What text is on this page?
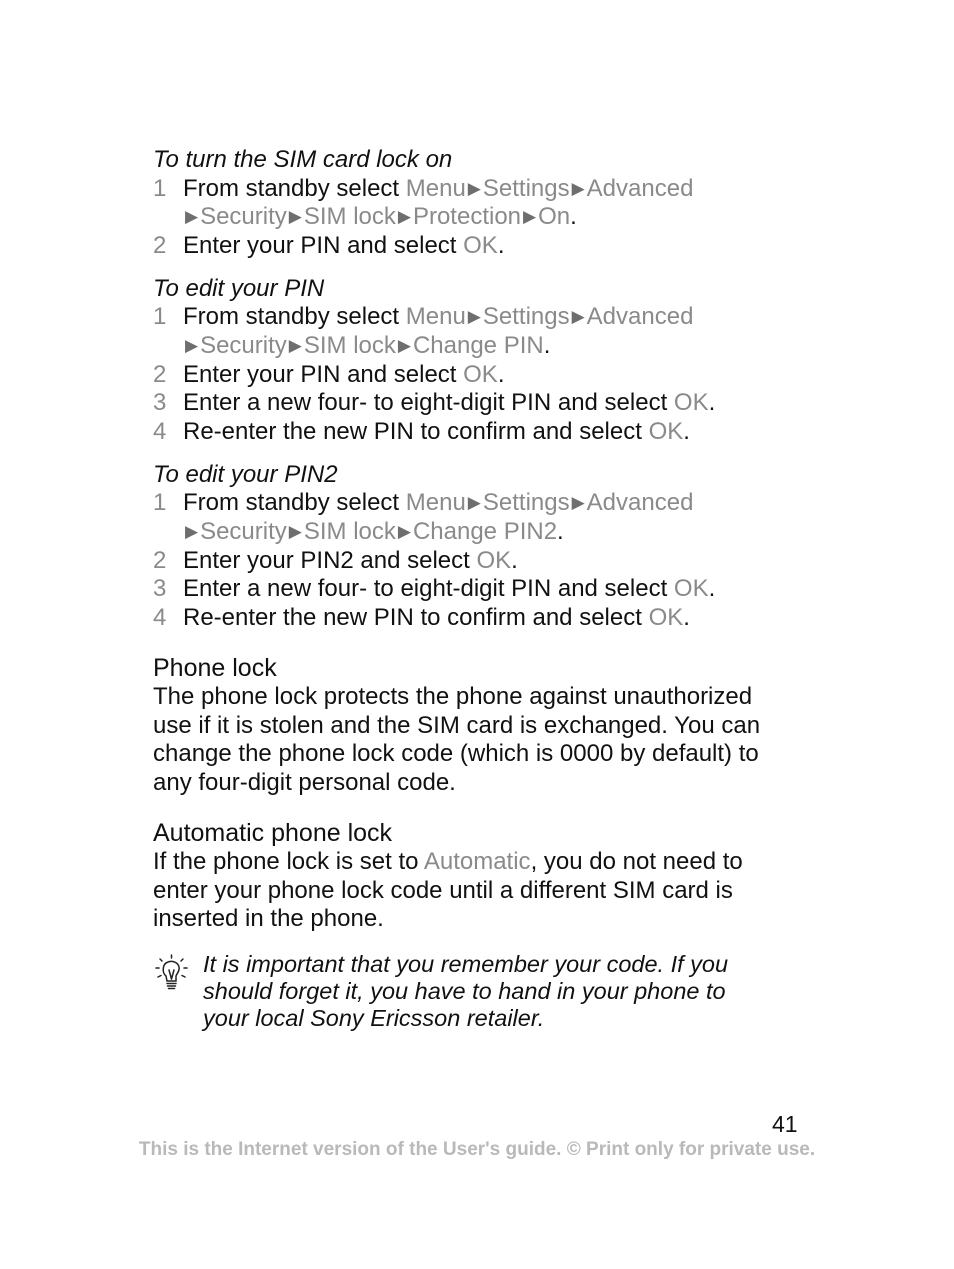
To turn the SIM card lock on
1 From standby select Menu ▶Settings ▶Advanced
▶Security ▶SIM lock ▶Protection ▶On.
2 Enter your PIN and select OK.
To edit your PIN
1 From standby select Menu ▶Settings ▶Advanced
▶Security ▶SIM lock ▶Change PIN.
2 Enter your PIN and select OK.
3 Enter a new four- to eight-digit PIN and select OK.
4 Re-enter the new PIN to confirm and select OK.
To edit your PIN2
1 From standby select Menu ▶Settings ▶Advanced
▶Security ▶SIM lock ▶Change PIN2.
2 Enter your PIN2 and select OK.
3 Enter a new four- to eight-digit PIN and select OK.
4 Re-enter the new PIN to confirm and select OK.
Phone lock
The phone lock protects the phone against unauthorized
use if it is stolen and the SIM card is exchanged. You can
change the phone lock code (which is 0000 by default) to
any four-digit personal code.
Automatic phone lock
If the phone lock is set to Automatic, you do not need to
enter your phone lock code until a different SIM card is
inserted in the phone.
It is important that you remember your code. If you
should forget it, you have to hand in your phone to
your local Sony Ericsson retailer.
41
This is the Internet version of the User's guide. © Print only for private use.
